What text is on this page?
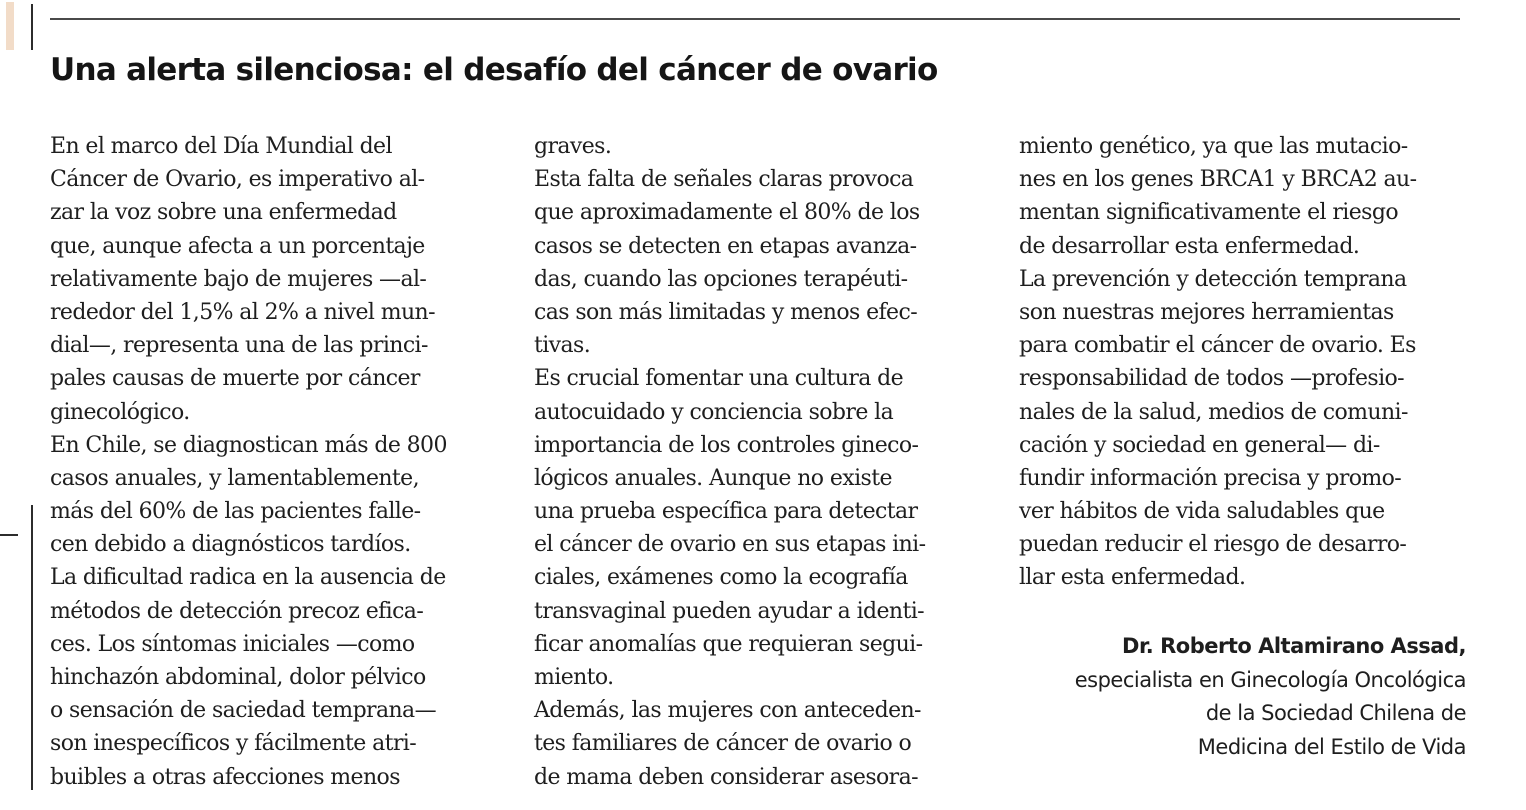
Una alerta silenciosa: el desafío del cáncer de ovario
En el marco del Día Mundial del
Cáncer de Ovario, es imperativo al-
zar la voz sobre una enfermedad
que, aunque afecta a un porcentaje
relativamente bajo de mujeres —al-
rededor del 1,5% al 2% a nivel mun-
dial—, representa una de las princi-
pales causas de muerte por cáncer
ginecológico.
En Chile, se diagnostican más de 800
casos anuales, y lamentablemente,
más del 60% de las pacientes falle-
cen debido a diagnósticos tardíos.
La dificultad radica en la ausencia de
métodos de detección precoz efica-
ces. Los síntomas iniciales —como
hinchazón abdominal, dolor pélvico
o sensación de saciedad temprana—
son inespecíficos y fácilmente atri-
buibles a otras afecciones menos
graves.
Esta falta de señales claras provoca
que aproximadamente el 80% de los
casos se detecten en etapas avanza-
das, cuando las opciones terapéuti-
cas son más limitadas y menos efec-
tivas.
Es crucial fomentar una cultura de
autocuidado y conciencia sobre la
importancia de los controles gineco-
lógicos anuales. Aunque no existe
una prueba específica para detectar
el cáncer de ovario en sus etapas ini-
ciales, exámenes como la ecografía
transvaginal pueden ayudar a identi-
ficar anomalías que requieran segui-
miento.
Además, las mujeres con anteceden-
tes familiares de cáncer de ovario o
de mama deben considerar asesora-
miento genético, ya que las mutacio-
nes en los genes BRCA1 y BRCA2 au-
mentan significativamente el riesgo
de desarrollar esta enfermedad.
La prevención y detección temprana
son nuestras mejores herramientas
para combatir el cáncer de ovario. Es
responsabilidad de todos —profesio-
nales de la salud, medios de comuni-
cación y sociedad en general— di-
fundir información precisa y promo-
ver hábitos de vida saludables que
puedan reducir el riesgo de desarro-
llar esta enfermedad.
Dr. Roberto Altamirano Assad,
especialista en Ginecología Oncológica
de la Sociedad Chilena de
Medicina del Estilo de Vida
